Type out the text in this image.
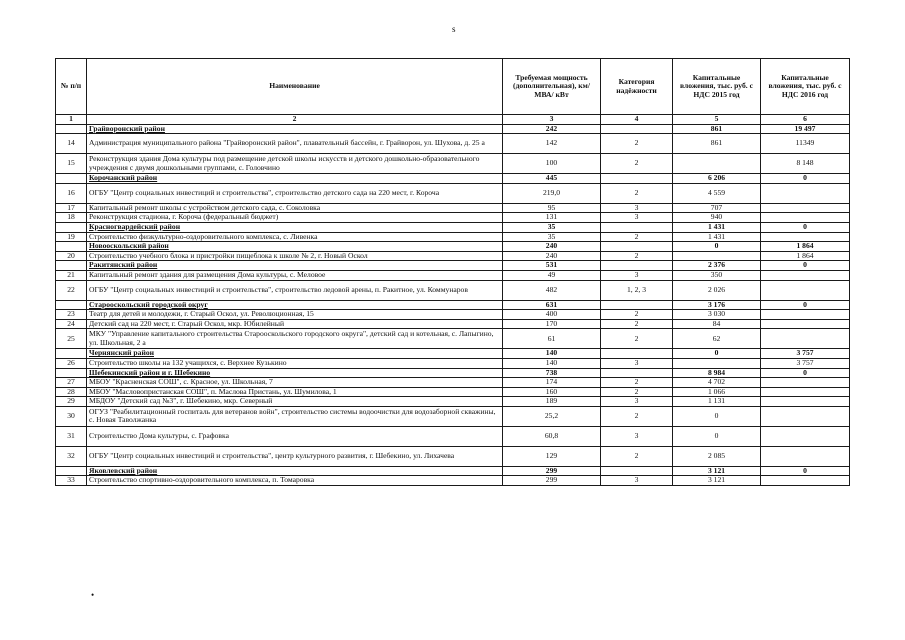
s
№ п/п	Наименование	Требуемая мощность (дополнительная), км/ МВА/ кВт	Категория надёжности	Капитальные вложения, тыс. руб. с НДС 2015 год	Капитальные вложения, тыс. руб. с НДС 2016 год
1	2	3	4	5	6
	Грайворонский район	242		861	19 497
14	Администрация муниципального района "Грайворонский район", плавательный бассейн, г. Грайворон, ул. Шухова, д. 25 а	142	2	861	11349
15	Реконструкция здания Дома культуры под размещение детской школы искусств и детского дошкольно-образовательного учреждения с двумя дошкольными группами, с. Головчино	100	2		8 148
	Корочанский район	445		6 206	0
16	ОГБУ "Центр социальных инвестиций и строительства", строительство детского сада на 220 мест, г. Короча	219,0	2	4 559	
17	Капитальный ремонт школы с устройством детского сада, с. Соколовка	95	3	707	
18	Реконструкция стадиона, г. Короча (федеральный бюджет)	131	3	940	
	Красногвардейский район	35		1 431	0
19	Строительство физкультурно-оздоровительного комплекса, с. Ливенка	35	2	1 431	
	Новооскольский район	240		0	1 864
20	Строительство учебного блока и пристройки пищеблока к школе № 2, г. Новый Оскол	240	2		1 864
	Ракитянский район	531		2 376	0
21	Капитальный ремонт здания для размещения Дома культуры, с. Меловое	49	3	350	
22	ОГБУ "Центр социальных инвестиций и строительства", строительство ледовой арены, п. Ракитное, ул. Коммунаров	482	1, 2, 3	2 026	
	Старооскольский городской округ	631		3 176	0
23	Театр для детей и молодежи, г. Старый Оскол, ул. Революционная, 15	400	2	3 030	
24	Детский сад на 220 мест, г. Старый Оскол, мкр. Юбилейный	170	2	84	
25	МКУ "Управление капитального строительства Старооскольского городского округа", детский сад и котельная, с. Лапыгино, ул. Школьная, 2 а	61	2	62	
	Чернянский район	140		0	3 757
26	Строительство школы на 132 учащихся, с. Верхнее Кузькино	140	3		3 757
	Шебекинский район и г. Шебекино	738		8 984	0
27	МБОУ "Красненская СОШ", с. Красное, ул. Школьная, 7	174	2	4 702	
28	МБОУ "Масловопристанская СОШ", п. Маслова Пристань, ул. Шумилова, 1	160	2	1 066	
29	МБДОУ "Детский сад №3", г. Шебекино, мкр. Северный	189	3	1 131	
30	ОГУЗ "Реабилитационный госпиталь для ветеранов войн", строительство системы водоочистки для водозаборной скважины, с. Новая Таволжанка	25,2	2	0	
31	Строительство Дома культуры, с. Графовка	60,8	3	0	
32	ОГБУ "Центр социальных инвестиций и строительства", центр культурного развития, г. Шебекино, ул. Лихачева	129	2	2 085	
	Яковлевский район	299		3 121	0
33	Строительство спортивно-оздоровительного комплекса, п. Томаровка	299	3	3 121	
•
